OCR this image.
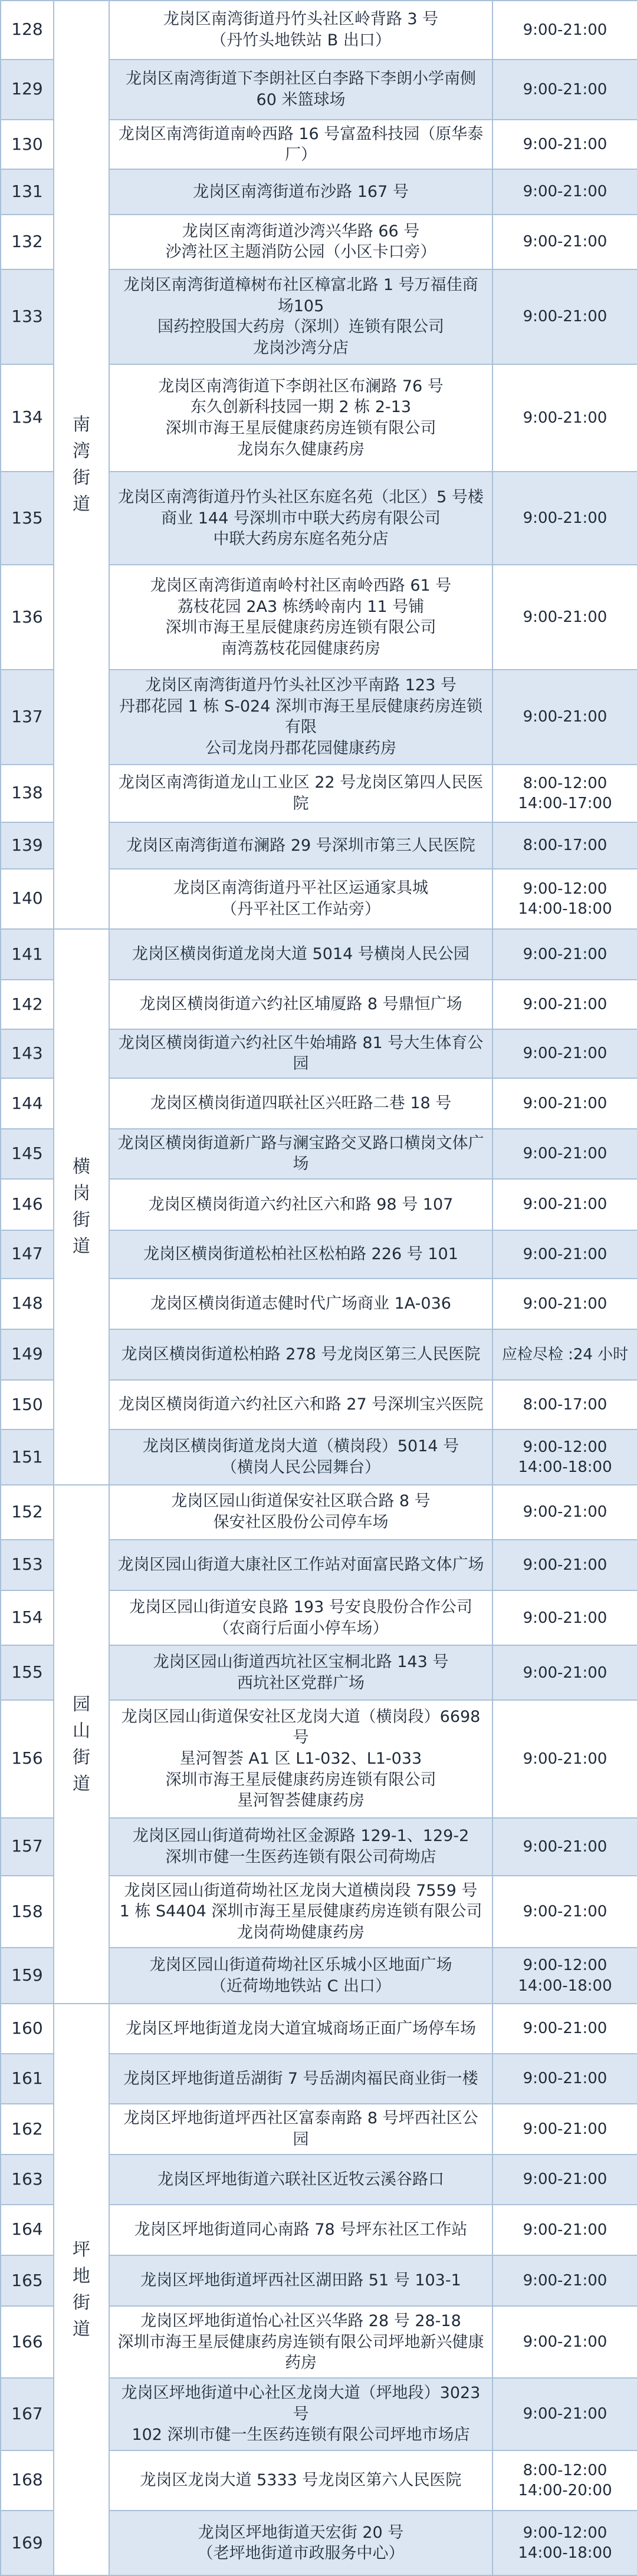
128	南湾街道	龙岗区南湾街道丹竹头社区岭背路 3 号
（丹竹头地铁站 B 出口）	9:00-21:00

129		龙岗区南湾街道下李朗社区白李路下李朗小学南侧
60 米篮球场	9:00-21:00

130		龙岗区南湾街道南岭西路 16 号富盈科技园（原华泰厂）	9:00-21:00

131		龙岗区南湾街道布沙路 167 号	9:00-21:00

132		龙岗区南湾街道沙湾兴华路 66 号
沙湾社区主题消防公园（小区卡口旁）	9:00-21:00

133		龙岗区南湾街道樟树布社区樟富北路 1 号万福佳商场105
国药控股国大药房（深圳）连锁有限公司
龙岗沙湾分店	9:00-21:00

134		龙岗区南湾街道下李朗社区布澜路 76 号
东久创新科技园一期 2 栋 2-13
深圳市海王星辰健康药房连锁有限公司
龙岗东久健康药房	9:00-21:00

135		龙岗区南湾街道丹竹头社区东庭名苑（北区）5 号楼
商业 144 号深圳市中联大药房有限公司
中联大药房东庭名苑分店	9:00-21:00

136		龙岗区南湾街道南岭村社区南岭西路 61 号
荔枝花园 2A3 栋绣岭南内 11 号铺
深圳市海王星辰健康药房连锁有限公司
南湾荔枝花园健康药房	9:00-21:00

137		龙岗区南湾街道丹竹头社区沙平南路 123 号
丹郡花园 1 栋 S-024 深圳市海王星辰健康药房连锁有限
公司龙岗丹郡花园健康药房	9:00-21:00

138		龙岗区南湾街道龙山工业区 22 号龙岗区第四人民医院	8:00-12:00
14:00-17:00

139		龙岗区南湾街道布澜路 29 号深圳市第三人民医院	8:00-17:00

140		龙岗区南湾街道丹平社区运通家具城
（丹平社区工作站旁）	9:00-12:00
14:00-18:00

141	横岗街道	龙岗区横岗街道龙岗大道 5014 号横岗人民公园	9:00-21:00

142		龙岗区横岗街道六约社区埔厦路 8 号鼎恒广场	9:00-21:00

143		龙岗区横岗街道六约社区牛始埔路 81 号大生体育公园	9:00-21:00

144		龙岗区横岗街道四联社区兴旺路二巷 18 号	9:00-21:00

145		龙岗区横岗街道新广路与澜宝路交叉路口横岗文体广场	9:00-21:00

146		龙岗区横岗街道六约社区六和路 98 号 107	9:00-21:00

147		龙岗区横岗街道松柏社区松柏路 226 号 101	9:00-21:00

148		龙岗区横岗街道志健时代广场商业 1A-036	9:00-21:00

149		龙岗区横岗街道松柏路 278 号龙岗区第三人民医院	应检尽检 :24 小时

150		龙岗区横岗街道六约社区六和路 27 号深圳宝兴医院	8:00-17:00

151		龙岗区横岗街道龙岗大道（横岗段）5014 号
（横岗人民公园舞台）	9:00-12:00
14:00-18:00

152	园山街道	龙岗区园山街道保安社区联合路 8 号
保安社区股份公司停车场	9:00-21:00

153		龙岗区园山街道大康社区工作站对面富民路文体广场	9:00-21:00

154		龙岗区园山街道安良路 193 号安良股份合作公司
（农商行后面小停车场）	9:00-21:00

155		龙岗区园山街道西坑社区宝桐北路 143 号
西坑社区党群广场	9:00-21:00

156		龙岗区园山街道保安社区龙岗大道（横岗段）6698 号
星河智荟 A1 区 L1-032、L1-033
深圳市海王星辰健康药房连锁有限公司
星河智荟健康药房	9:00-21:00

157		龙岗区园山街道荷坳社区金源路 129-1、129-2
深圳市健一生医药连锁有限公司荷坳店	9:00-21:00

158		龙岗区园山街道荷坳社区龙岗大道横岗段 7559 号
1 栋 S4404 深圳市海王星辰健康药房连锁有限公司
龙岗荷坳健康药房	9:00-21:00

159		龙岗区园山街道荷坳社区乐城小区地面广场
（近荷坳地铁站 C 出口）	9:00-12:00
14:00-18:00

160	坪地街道	龙岗区坪地街道龙岗大道宜城商场正面广场停车场	9:00-21:00

161		龙岗区坪地街道岳湖街 7 号岳湖肉福民商业街一楼	9:00-21:00

162		龙岗区坪地街道坪西社区富泰南路 8 号坪西社区公园	9:00-21:00

163		龙岗区坪地街道六联社区近牧云溪谷路口	9:00-21:00

164		龙岗区坪地街道同心南路 78 号坪东社区工作站	9:00-21:00

165		龙岗区坪地街道坪西社区湖田路 51 号 103-1	9:00-21:00

166		龙岗区坪地街道怡心社区兴华路 28 号 28-18
深圳市海王星辰健康药房连锁有限公司坪地新兴健康药房	9:00-21:00

167		龙岗区坪地街道中心社区龙岗大道（坪地段）3023 号
102 深圳市健一生医药连锁有限公司坪地市场店	9:00-21:00

168		龙岗区龙岗大道 5333 号龙岗区第六人民医院	8:00-12:00
14:00-20:00

169		龙岗区坪地街道天宏街 20 号
（老坪地街道市政服务中心）	9:00-12:00
14:00-18:00
